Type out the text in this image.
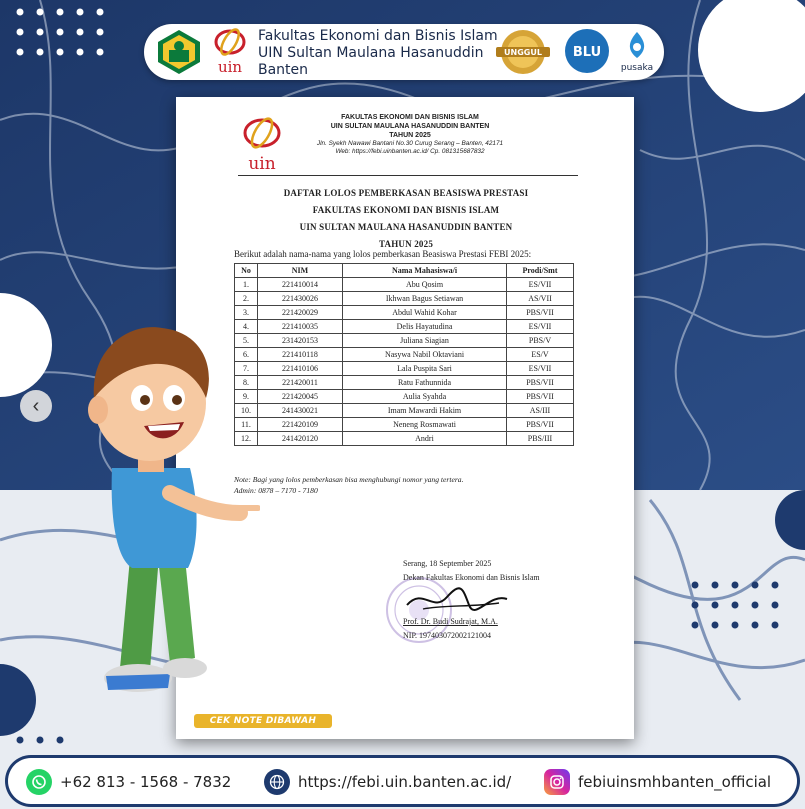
uin
Fakultas Ekonomi dan Bisnis Islam UIN Sultan Maulana Hasanuddin Banten
UNGGUL BLU
pusaka
uin
FAKULTAS EKONOMI DAN BISNIS ISLAM
UIN SULTAN MAULANA HASANUDDIN BANTEN
TAHUN 2025
Jln. Syekh Nawawi Bantani No.30 Curug Serang – Banten, 42171
Web: https://febi.uinbanten.ac.id/ Cp. 081315687832
DAFTAR LOLOS PEMBERKASAN BEASISWA PRESTASI
FAKULTAS EKONOMI DAN BISNIS ISLAM
UIN SULTAN MAULANA HASANUDDIN BANTEN
TAHUN 2025
Berikut adalah nama-nama yang lolos pemberkasan Beasiswa Prestasi FEBI 2025:
No	NIM	Nama Mahasiswa/i	Prodi/Smt
1.	221410014	Abu Qosim	ES/VII
2.	221430026	Ikhwan Bagus Setiawan	AS/VII
3.	221420029	Abdul Wahid Kohar	PBS/VII
4.	221410035	Delis Hayatudina	ES/VII
5.	231420153	Juliana Siagian	PBS/V
6.	221410118	Nasywa Nabil Oktaviani	ES/V
7.	221410106	Lala Puspita Sari	ES/VII
8.	221420011	Ratu Fathunnida	PBS/VII
9.	221420045	Aulia Syahda	PBS/VII
10.	241430021	Imam Mawardi Hakim	AS/III
11.	221420109	Neneng Rosmawati	PBS/VII
12.	241420120	Andri	PBS/III
Note: Bagi yang lolos pemberkasan bisa menghubungi nomor yang tertera.
Admin: 0878 – 7170 - 7180
Serang, 18 September 2025
Dekan Fakultas Ekonomi dan Bisnis Islam
Prof. Dr. Budi Sudrajat, M.A.
NIP. 197403072002121004
‹
CEK NOTE DIBAWAH TABEL
+62 813 - 1568 - 7832	https://febi.uin.banten.ac.id/	febiuinsmhbanten_official
